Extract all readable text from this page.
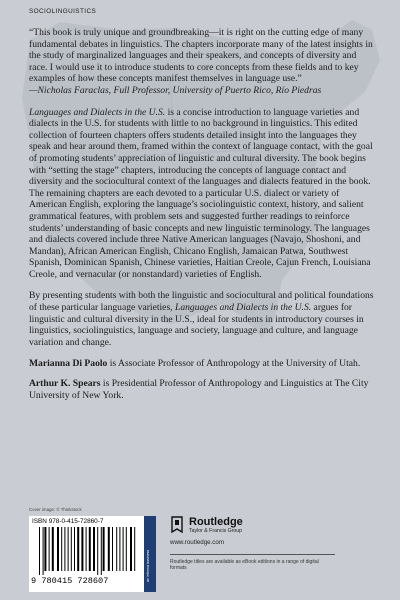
SOCIOLINGUISTICS

“This book is truly unique and groundbreaking—it is right on the cutting edge of many fundamental debates in linguistics. The chapters incorporate many of the latest insights in the study of marginalized languages and their speakers, and concepts of diversity and race. I would use it to introduce students to core concepts from these fields and to key examples of how these concepts manifest themselves in language use.”

—Nicholas Faraclas, Full Professor, University of Puerto Rico, Río Piedras

Languages and Dialects in the U.S. is a concise introduction to language varieties and dialects in the U.S. for students with little to no background in linguistics. This edited collection of fourteen chapters offers students detailed insight into the languages they speak and hear around them, framed within the context of language contact, with the goal of promoting students’ appreciation of linguistic and cultural diversity. The book begins with “setting the stage” chapters, introducing the concepts of language contact and diversity and the sociocultural context of the languages and dialects featured in the book. The remaining chapters are each devoted to a particular U.S. dialect or variety of American English, exploring the language’s sociolinguistic context, history, and salient grammatical features, with problem sets and suggested further readings to reinforce students’ understanding of basic concepts and new linguistic terminology. The languages and dialects covered include three Native American languages (Navajo, Shoshoni, and Mandan), African American English, Chicano English, Jamaican Patwa, Southwest Spanish, Dominican Spanish, Chinese varieties, Haitian Creole, Cajun French, Louisiana Creole, and vernacular (or nonstandard) varieties of English.

By presenting students with both the linguistic and sociocultural and political foundations of these particular language varieties, Languages and Dialects in the U.S. argues for linguistic and cultural diversity in the U.S., ideal for students in introductory courses in linguistics, sociolinguistics, language and society, language and culture, and language variation and change.

Marianna Di Paolo is Associate Professor of Anthropology at the University of Utah.

Arthur K. Spears is Presidential Professor of Anthropology and Linguistics at The City University of New York.

Cover image: © Thinkstock
ISBN 978-0-415-72860-7
9 780415 728607	an informa business
Routledge
Taylor & Francis Group
www.routledge.com
Routledge titles are available as eBook editions in a range of digital formats
